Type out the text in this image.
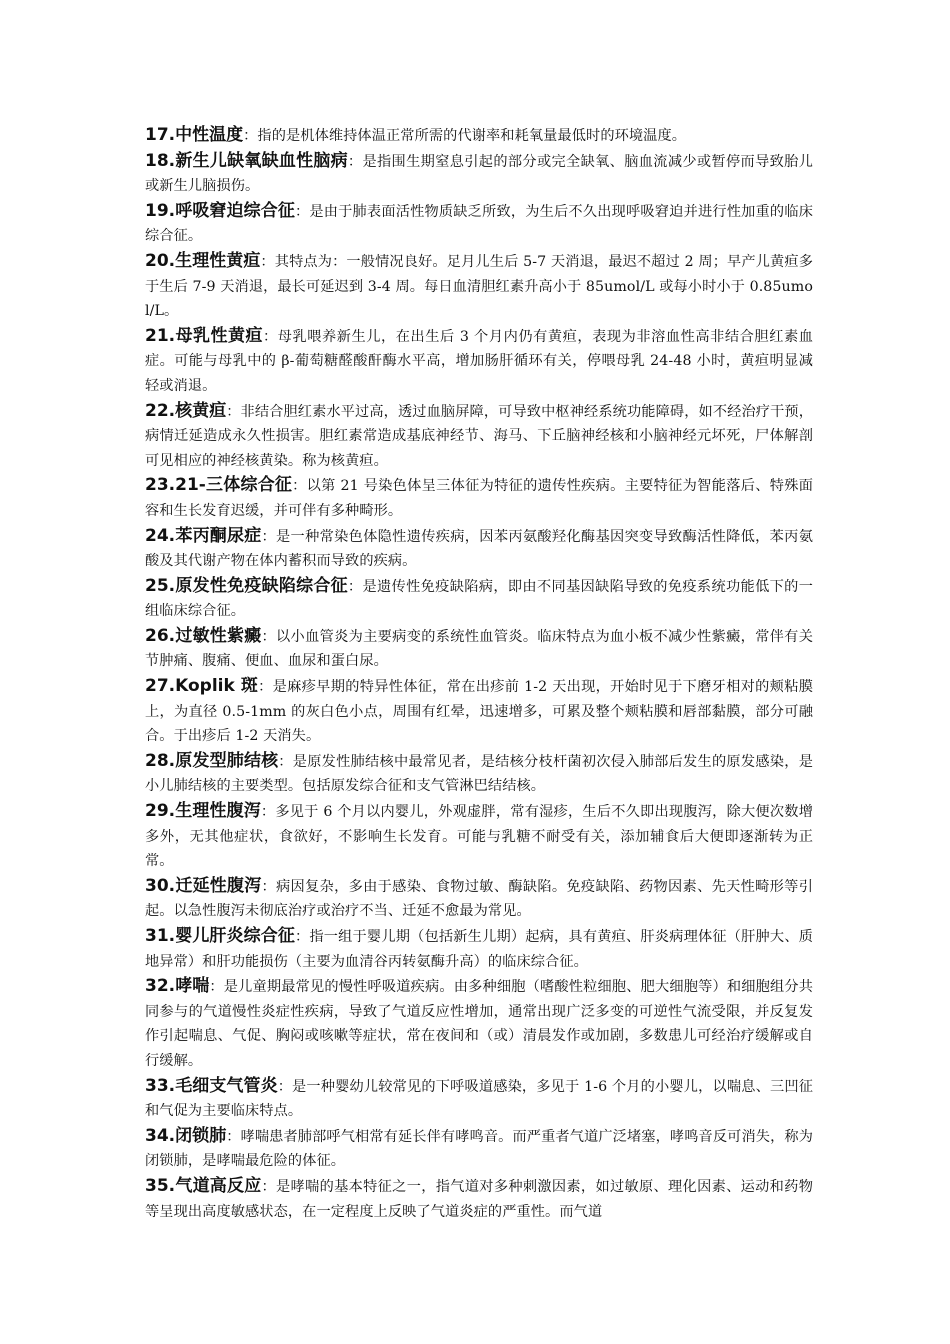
17.中性温度：指的是机体维持体温正常所需的代谢率和耗氧量最低时的环境温度。

18.新生儿缺氧缺血性脑病：是指围生期窒息引起的部分或完全缺氧、脑血流减少或暂停而导致胎儿或新生儿脑损伤。

19.呼吸窘迫综合征：是由于肺表面活性物质缺乏所致，为生后不久出现呼吸窘迫并进行性加重的临床综合征。

20.生理性黄疸：其特点为：一般情况良好。足月儿生后 5-7 天消退，最迟不超过 2 周；早产儿黄疸多于生后 7-9 天消退，最长可延迟到 3-4 周。每日血清胆红素升高小于 85umol/L 或每小时小于 0.85umol/L。

21.母乳性黄疸：母乳喂养新生儿，在出生后 3 个月内仍有黄疸，表现为非溶血性高非结合胆红素血症。可能与母乳中的 β-葡萄糖醛酸酐酶水平高，增加肠肝循环有关，停喂母乳 24-48 小时，黄疸明显减轻或消退。

22.核黄疸：非结合胆红素水平过高，透过血脑屏障，可导致中枢神经系统功能障碍，如不经治疗干预，病情迁延造成永久性损害。胆红素常造成基底神经节、海马、下丘脑神经核和小脑神经元坏死，尸体解剖可见相应的神经核黄染。称为核黄疸。

23.21-三体综合征：以第 21 号染色体呈三体征为特征的遗传性疾病。主要特征为智能落后、特殊面容和生长发育迟缓，并可伴有多种畸形。

24.苯丙酮尿症：是一种常染色体隐性遗传疾病，因苯丙氨酸羟化酶基因突变导致酶活性降低，苯丙氨酸及其代谢产物在体内蓄积而导致的疾病。

25.原发性免疫缺陷综合征：是遗传性免疫缺陷病，即由不同基因缺陷导致的免疫系统功能低下的一组临床综合征。

26.过敏性紫癜：以小血管炎为主要病变的系统性血管炎。临床特点为血小板不减少性紫癜，常伴有关节肿痛、腹痛、便血、血尿和蛋白尿。

27.Koplik 斑：是麻疹早期的特异性体征，常在出疹前 1-2 天出现，开始时见于下磨牙相对的颊粘膜上，为直径 0.5-1mm 的灰白色小点，周围有红晕，迅速增多，可累及整个颊粘膜和唇部黏膜，部分可融合。于出疹后 1-2 天消失。

28.原发型肺结核：是原发性肺结核中最常见者，是结核分枝杆菌初次侵入肺部后发生的原发感染，是小儿肺结核的主要类型。包括原发综合征和支气管淋巴结结核。

29.生理性腹泻：多见于 6 个月以内婴儿，外观虚胖，常有湿疹，生后不久即出现腹泻，除大便次数增多外，无其他症状，食欲好，不影响生长发育。可能与乳糖不耐受有关，添加辅食后大便即逐渐转为正常。

30.迁延性腹泻：病因复杂，多由于感染、食物过敏、酶缺陷。免疫缺陷、药物因素、先天性畸形等引起。以急性腹泻未彻底治疗或治疗不当、迁延不愈最为常见。

31.婴儿肝炎综合征：指一组于婴儿期（包括新生儿期）起病，具有黄疸、肝炎病理体征（肝肿大、质地异常）和肝功能损伤（主要为血清谷丙转氨酶升高）的临床综合征。

32.哮喘：是儿童期最常见的慢性呼吸道疾病。由多种细胞（嗜酸性粒细胞、肥大细胞等）和细胞组分共同参与的气道慢性炎症性疾病，导致了气道反应性增加，通常出现广泛多变的可逆性气流受限，并反复发作引起喘息、气促、胸闷或咳嗽等症状，常在夜间和（或）清晨发作或加剧，多数患儿可经治疗缓解或自行缓解。

33.毛细支气管炎：是一种婴幼儿较常见的下呼吸道感染，多见于 1-6 个月的小婴儿，以喘息、三凹征和气促为主要临床特点。

34.闭锁肺：哮喘患者肺部呼气相常有延长伴有哮鸣音。而严重者气道广泛堵塞，哮鸣音反可消失，称为闭锁肺，是哮喘最危险的体征。

35.气道高反应：是哮喘的基本特征之一，指气道对多种刺激因素，如过敏原、理化因素、运动和药物等呈现出高度敏感状态，在一定程度上反映了气道炎症的严重性。而气道
